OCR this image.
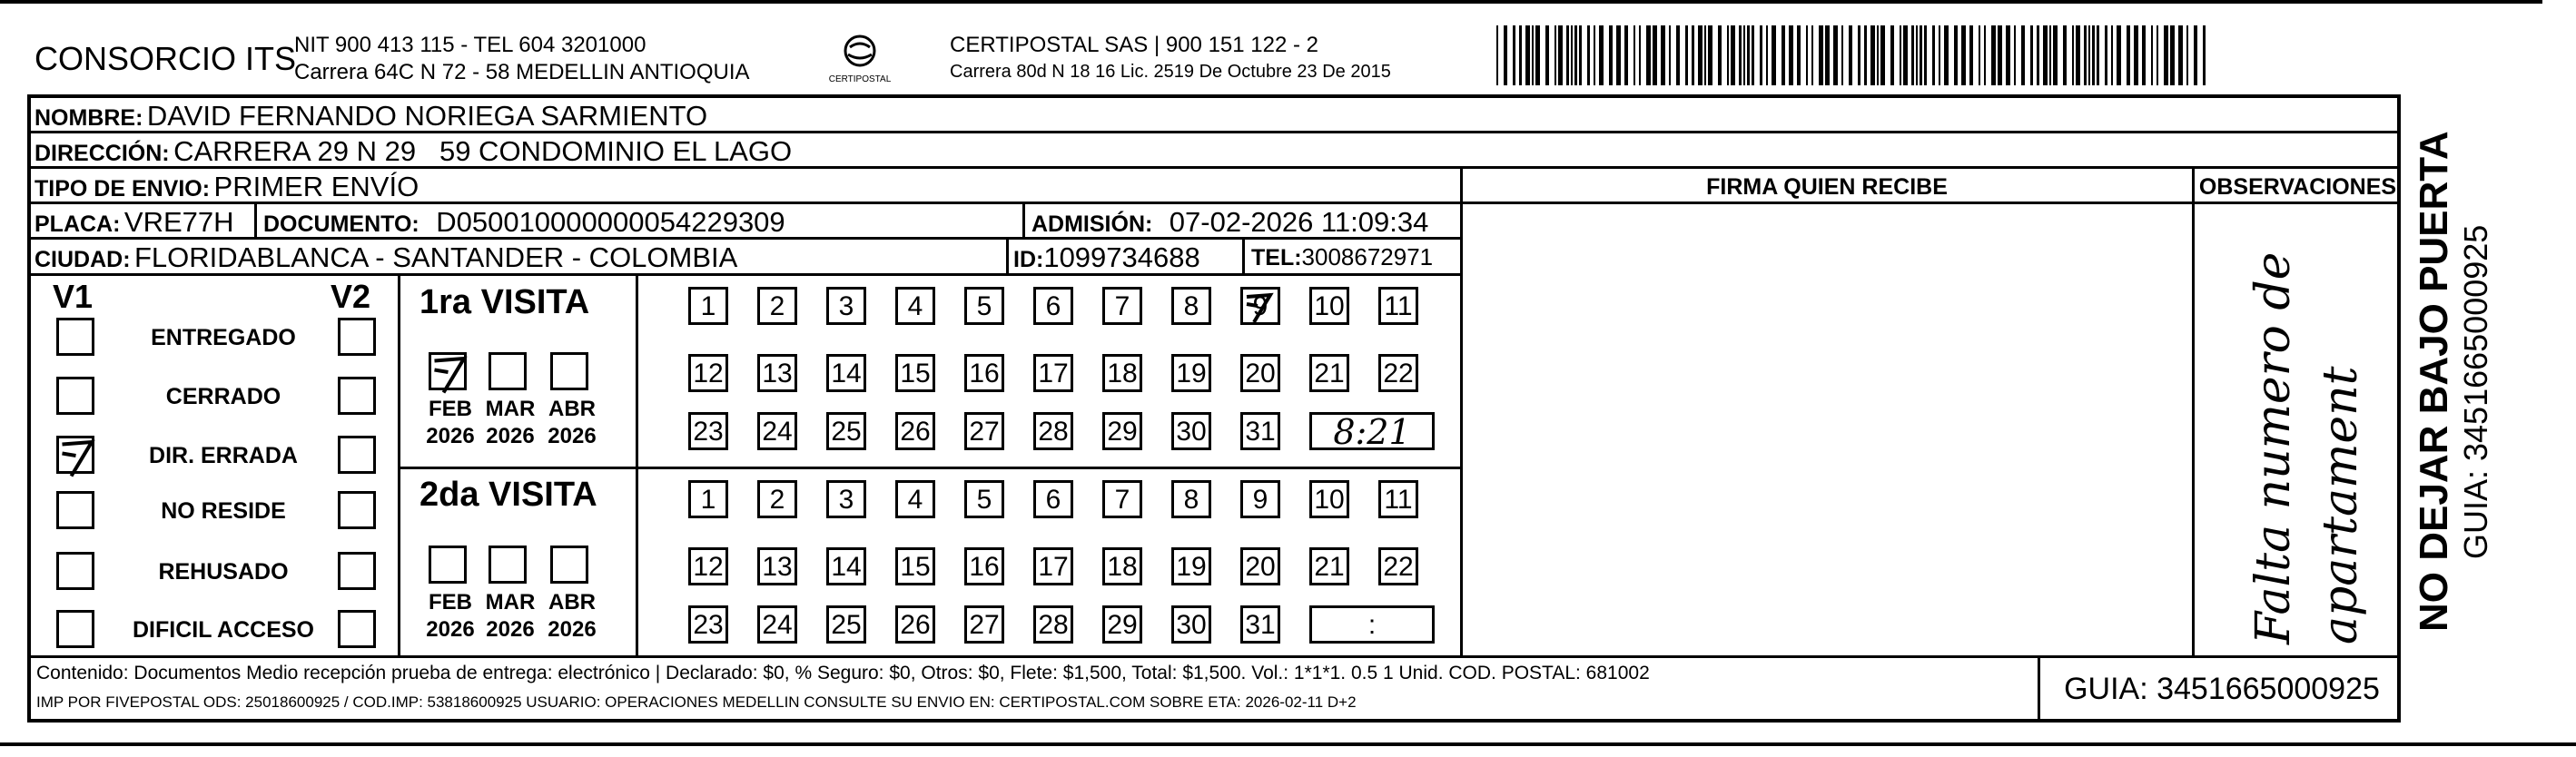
CONSORCIO ITS
NIT 900 413 115 - TEL 604 3201000
Carrera 64C N 72 - 58 MEDELLIN ANTIOQUIA	CERTIPOSTAL
CERTIPOSTAL SAS | 900 151 122 - 2
Carrera 80d N 18 16 Lic. 2519 De Octubre 23 De 2015
NOMBRE: DAVID FERNANDO NORIEGA SARMIENTO
DIRECCIÓN: CARRERA 29 N 29   59 CONDOMINIO EL LAGO
TIPO DE ENVIO: PRIMER ENVÍO
PLACA: VRE77H DOCUMENTO: D050010000000054229309	ADMISIÓN: 07-02-2026 11:09:34
CIUDAD: FLORIDABLANCA - SANTANDER - COLOMBIA	ID:1099734688 TEL:3008672971
FIRMA QUIEN RECIBE	OBSERVACIONES
V1	V2
ENTREGADO
CERRADO
DIR. ERRADA
NO RESIDE
REHUSADO
DIFICIL ACCESO
1ra VISITA
2da VISITA
FEB
2026
MAR
2026
ABR
2026
1	2	3	4	5	6	7	8	9	10 11
12 13 14 15 16 17 18 19 20 21 22
23 24 25 26 27 28 29 30 31	8:21
FEB
2026
MAR
2026
ABR
2026
1	2	3	4	5	6	7	8	9	10 11
12 13 14 15 16 17 18 19 20 21 22
23 24 25 26 27 28 29 30 31	:	Falta numero de apartament
Contenido: Documentos Medio recepción prueba de entrega: electrónico | Declarado: $0, % Seguro: $0, Otros: $0, Flete: $1,500, Total: $1,500. Vol.: 1*1*1. 0.5 1 Unid. COD. POSTAL: 681002
IMP POR FIVEPOSTAL ODS: 25018600925 / COD.IMP: 53818600925 USUARIO: OPERACIONES MEDELLIN CONSULTE SU ENVIO EN: CERTIPOSTAL.COM SOBRE ETA: 2026-02-11 D+2	GUIA: 3451665000925
NO DEJAR BAJO PUERTA GUIA: 3451665000925
